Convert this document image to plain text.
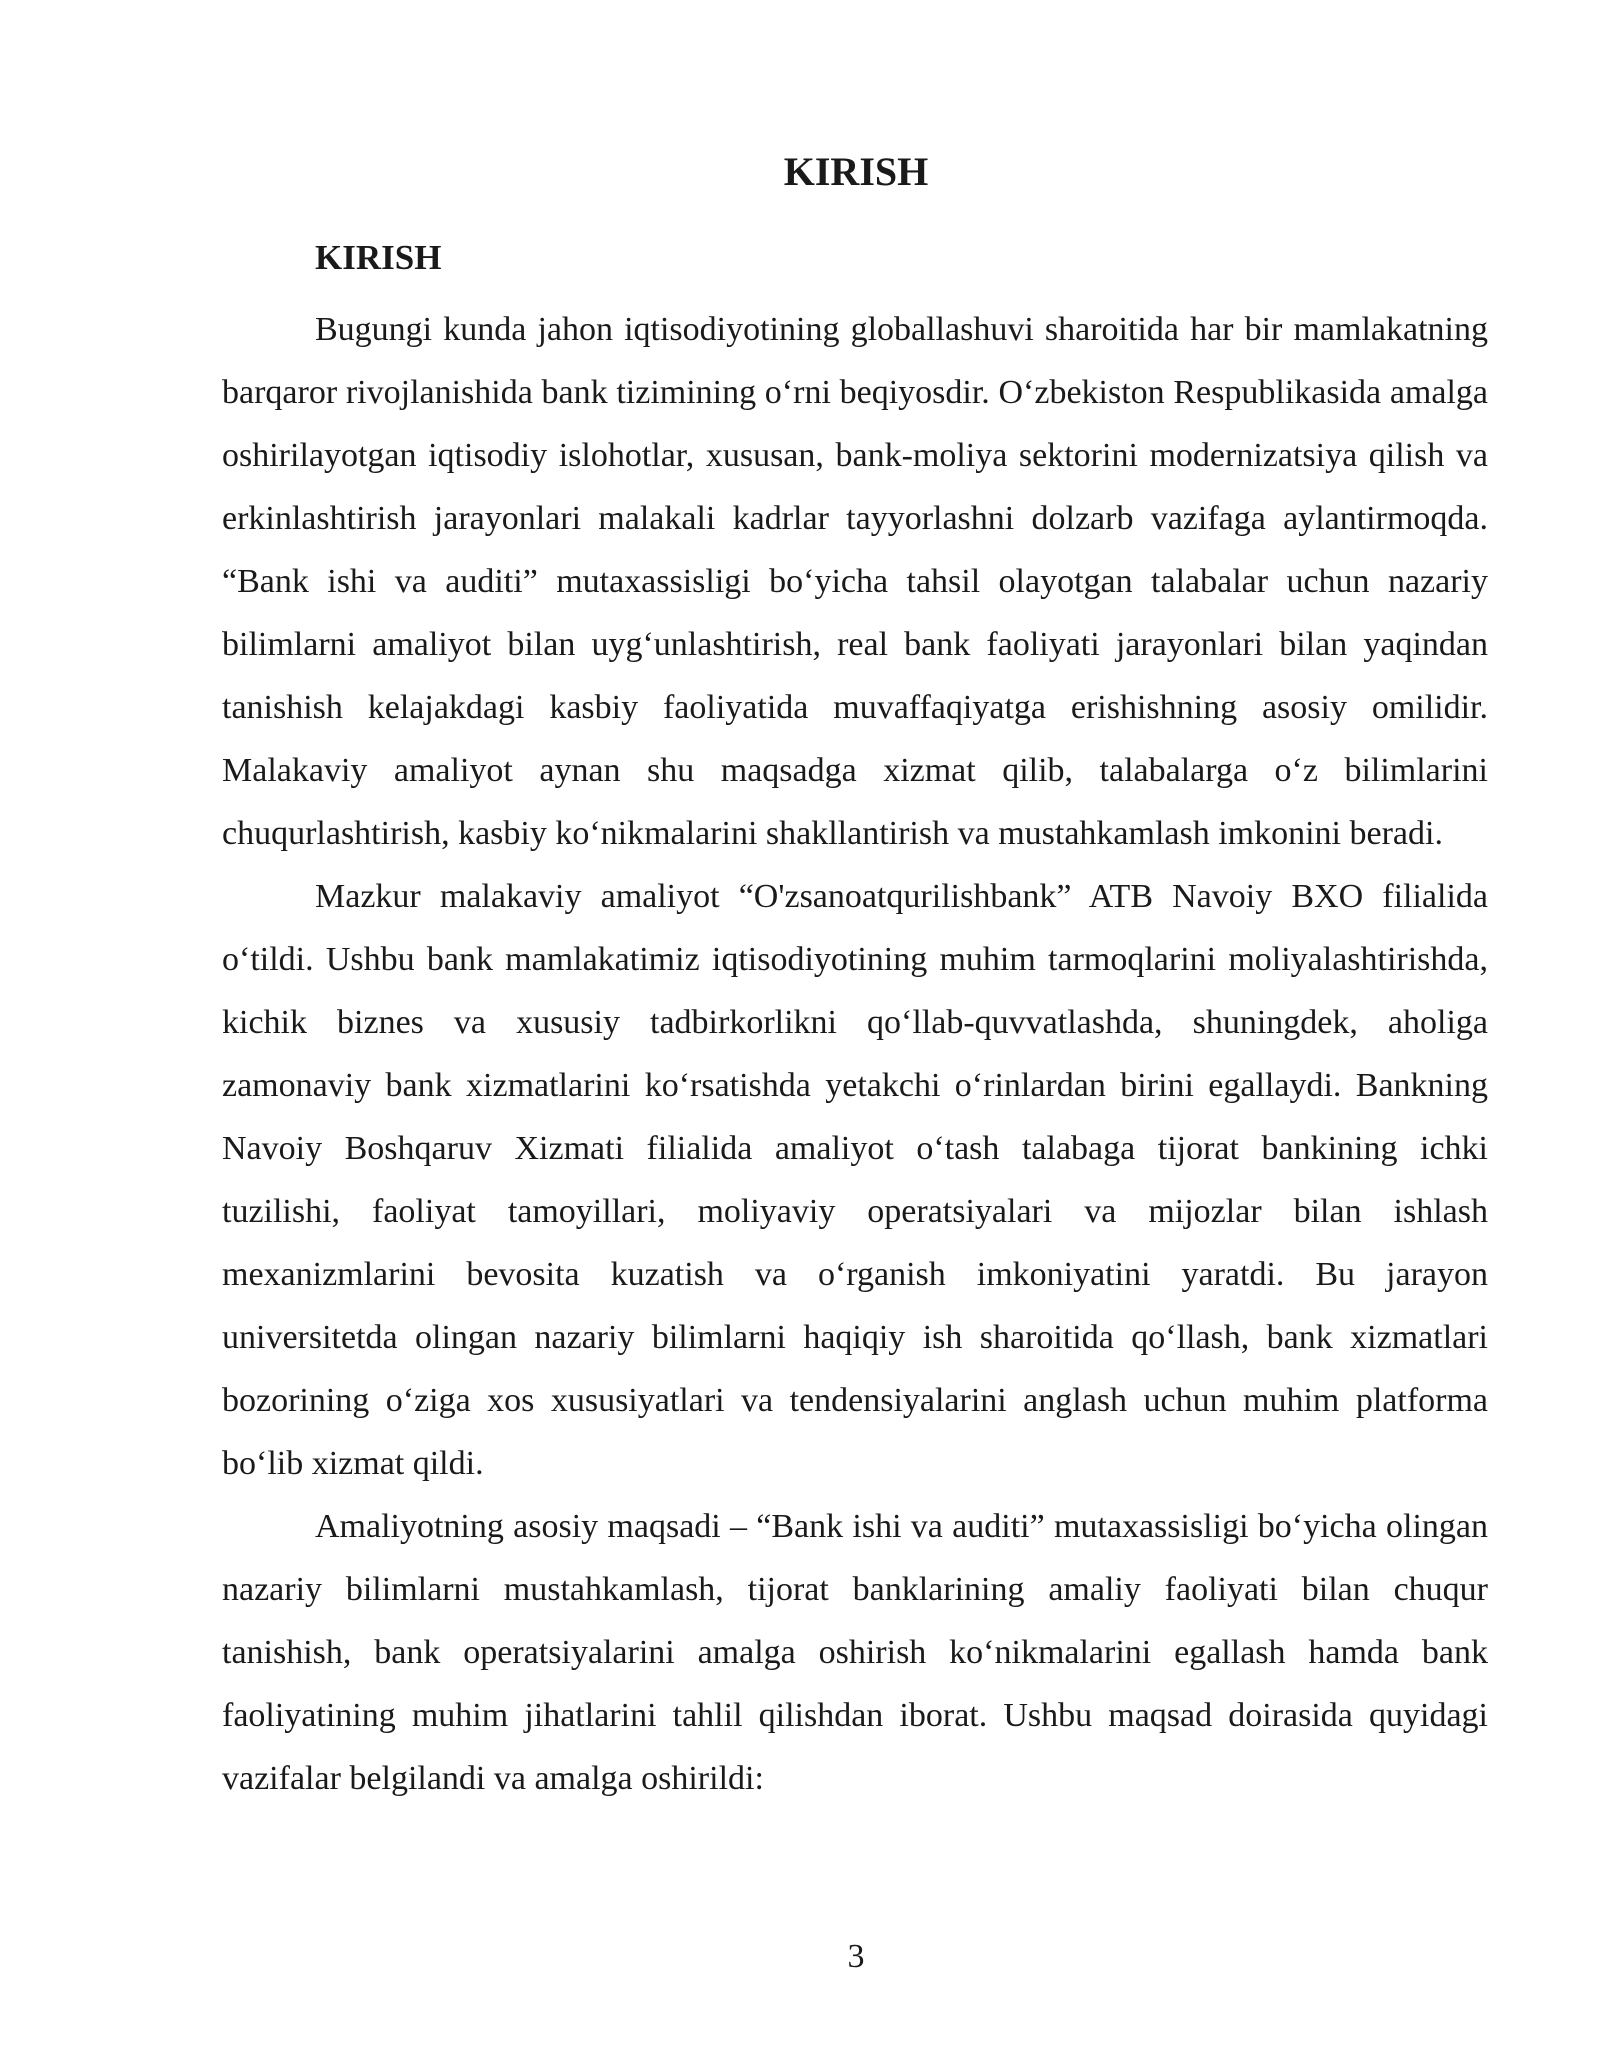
KIRISH
KIRISH

Bugungi kunda jahon iqtisodiyotining globallashuvi sharoitida har bir mamlakatning barqaror rivojlanishida bank tizimining o‘rni beqiyosdir. O‘zbekiston Respublikasida amalga oshirilayotgan iqtisodiy islohotlar, xususan, bank-moliya sektorini modernizatsiya qilish va erkinlashtirish jarayonlari malakali kadrlar tayyorlashni dolzarb vazifaga aylantirmoqda. “Bank ishi va auditi” mutaxassisligi bo‘yicha tahsil olayotgan talabalar uchun nazariy bilimlarni amaliyot bilan uyg‘unlashtirish, real bank faoliyati jarayonlari bilan yaqindan tanishish kelajakdagi kasbiy faoliyatida muvaffaqiyatga erishishning asosiy omilidir. Malakaviy amaliyot aynan shu maqsadga xizmat qilib, talabalarga o‘z bilimlarini chuqurlashtirish, kasbiy ko‘nikmalarini shakllantirish va mustahkamlash imkonini beradi.

Mazkur malakaviy amaliyot “O'zsanoatqurilishbank” ATB Navoiy BXO filialida o‘tildi. Ushbu bank mamlakatimiz iqtisodiyotining muhim tarmoqlarini moliyalashtirishda, kichik biznes va xususiy tadbirkorlikni qo‘llab-quvvatlashda, shuningdek, aholiga zamonaviy bank xizmatlarini ko‘rsatishda yetakchi o‘rinlardan birini egallaydi. Bankning Navoiy Boshqaruv Xizmati filialida amaliyot o‘tash talabaga tijorat bankining ichki tuzilishi, faoliyat tamoyillari, moliyaviy operatsiyalari va mijozlar bilan ishlash mexanizmlarini bevosita kuzatish va o‘rganish imkoniyatini yaratdi. Bu jarayon universitetda olingan nazariy bilimlarni haqiqiy ish sharoitida qo‘llash, bank xizmatlari bozorining o‘ziga xos xususiyatlari va tendensiyalarini anglash uchun muhim platforma bo‘lib xizmat qildi.

Amaliyotning asosiy maqsadi – “Bank ishi va auditi” mutaxassisligi bo‘yicha olingan nazariy bilimlarni mustahkamlash, tijorat banklarining amaliy faoliyati bilan chuqur tanishish, bank operatsiyalarini amalga oshirish ko‘nikmalarini egallash hamda bank faoliyatining muhim jihatlarini tahlil qilishdan iborat. Ushbu maqsad doirasida quyidagi vazifalar belgilandi va amalga oshirildi:

3
